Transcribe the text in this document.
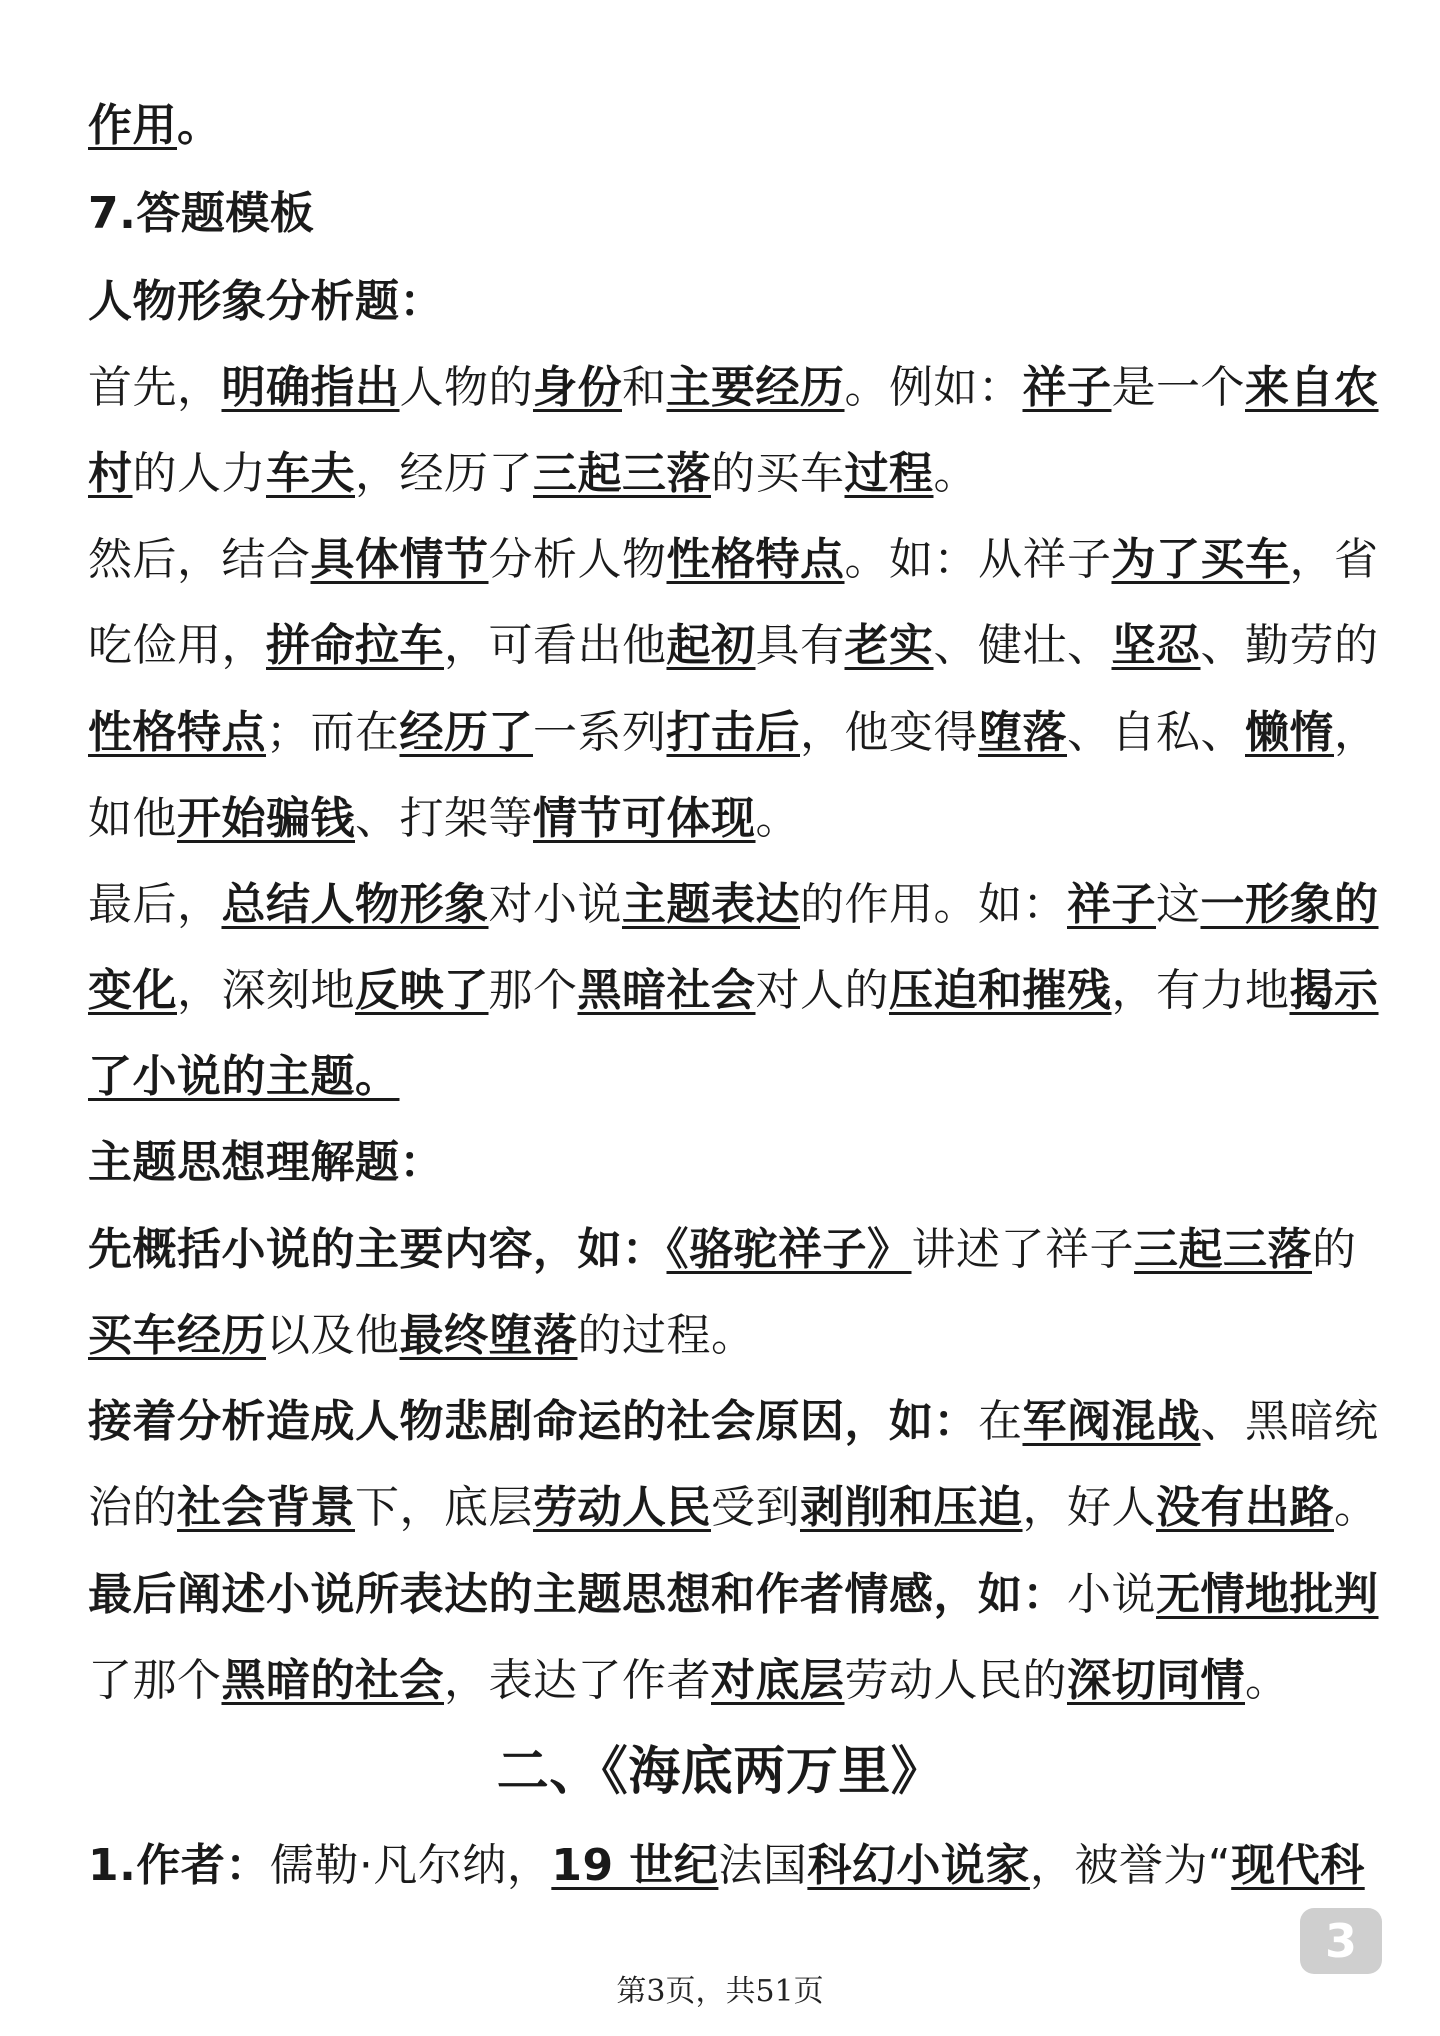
作用。
7.答题模板
人物形象分析题：
首先，明确指出人物的身份和主要经历。例如：祥子是一个来自农
村的人力车夫，经历了三起三落的买车过程。
然后，结合具体情节分析人物性格特点。如：从祥子为了买车，省
吃俭用，拼命拉车，可看出他起初具有老实、健壮、坚忍、勤劳的
性格特点；而在经历了一系列打击后，他变得堕落、自私、懒惰，
如他开始骗钱、打架等情节可体现。
最后，总结人物形象对小说主题表达的作用。如：祥子这一形象的
变化，深刻地反映了那个黑暗社会对人的压迫和摧残，有力地揭示
了小说的主题。
主题思想理解题：
先概括小说的主要内容，如：《骆驼祥子》讲述了祥子三起三落的
买车经历以及他最终堕落的过程。
接着分析造成人物悲剧命运的社会原因，如：在军阀混战、黑暗统
治的社会背景下，底层劳动人民受到剥削和压迫，好人没有出路。
最后阐述小说所表达的主题思想和作者情感，如：小说无情地批判
了那个黑暗的社会，表达了作者对底层劳动人民的深切同情。
二、《海底两万里》
1.作者：儒勒·凡尔纳，19 世纪法国科幻小说家，被誉为“现代科
3
第3页，共51页
